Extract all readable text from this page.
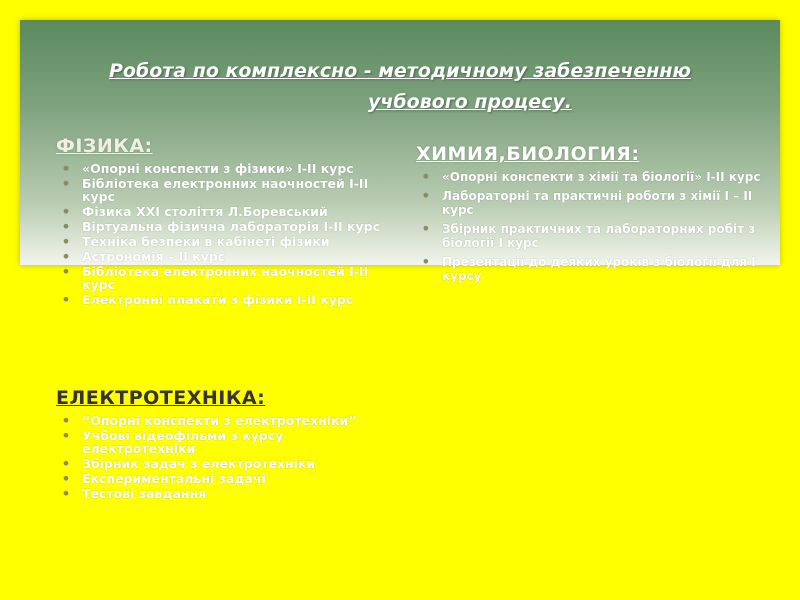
Робота по комплексно - методичному забезпеченню
учбового процесу.
ФІЗИКА:
• «Опорні конспекти з фізики» І-ІІ курс
• Бібліотека електронних наочностей І-ІІ курс
• Фізика ХХІ століття Л.Боревський
• Віртуальна фізична лабораторія І-ІІ курс
• Техніка безпеки в кабінеті фізики
• Астрономія – ІІ курс
• Бібліотека електронних наочностей І-ІІ курс
• Електронні плакати з фізики І-ІІ курс
ХИМИЯ,БИОЛОГИЯ:
• «Опорні конспекти з хімії та біології» І-ІІ курс
• Лабораторні та практичні роботи з хімії І – ІІ курс
• Збірник практичних та лабораторних робіт з біології І курс
• Презентації до деяких уроків з біології для І курсу
ЕЛЕКТРОТЕХНІКА:
• “Опорні конспекти з електротехніки”
• Учбові відеофільми з курсу електротехніки
• Збірник задач з електротехніки
• Експериментальні задачі
• Тестові завдання
